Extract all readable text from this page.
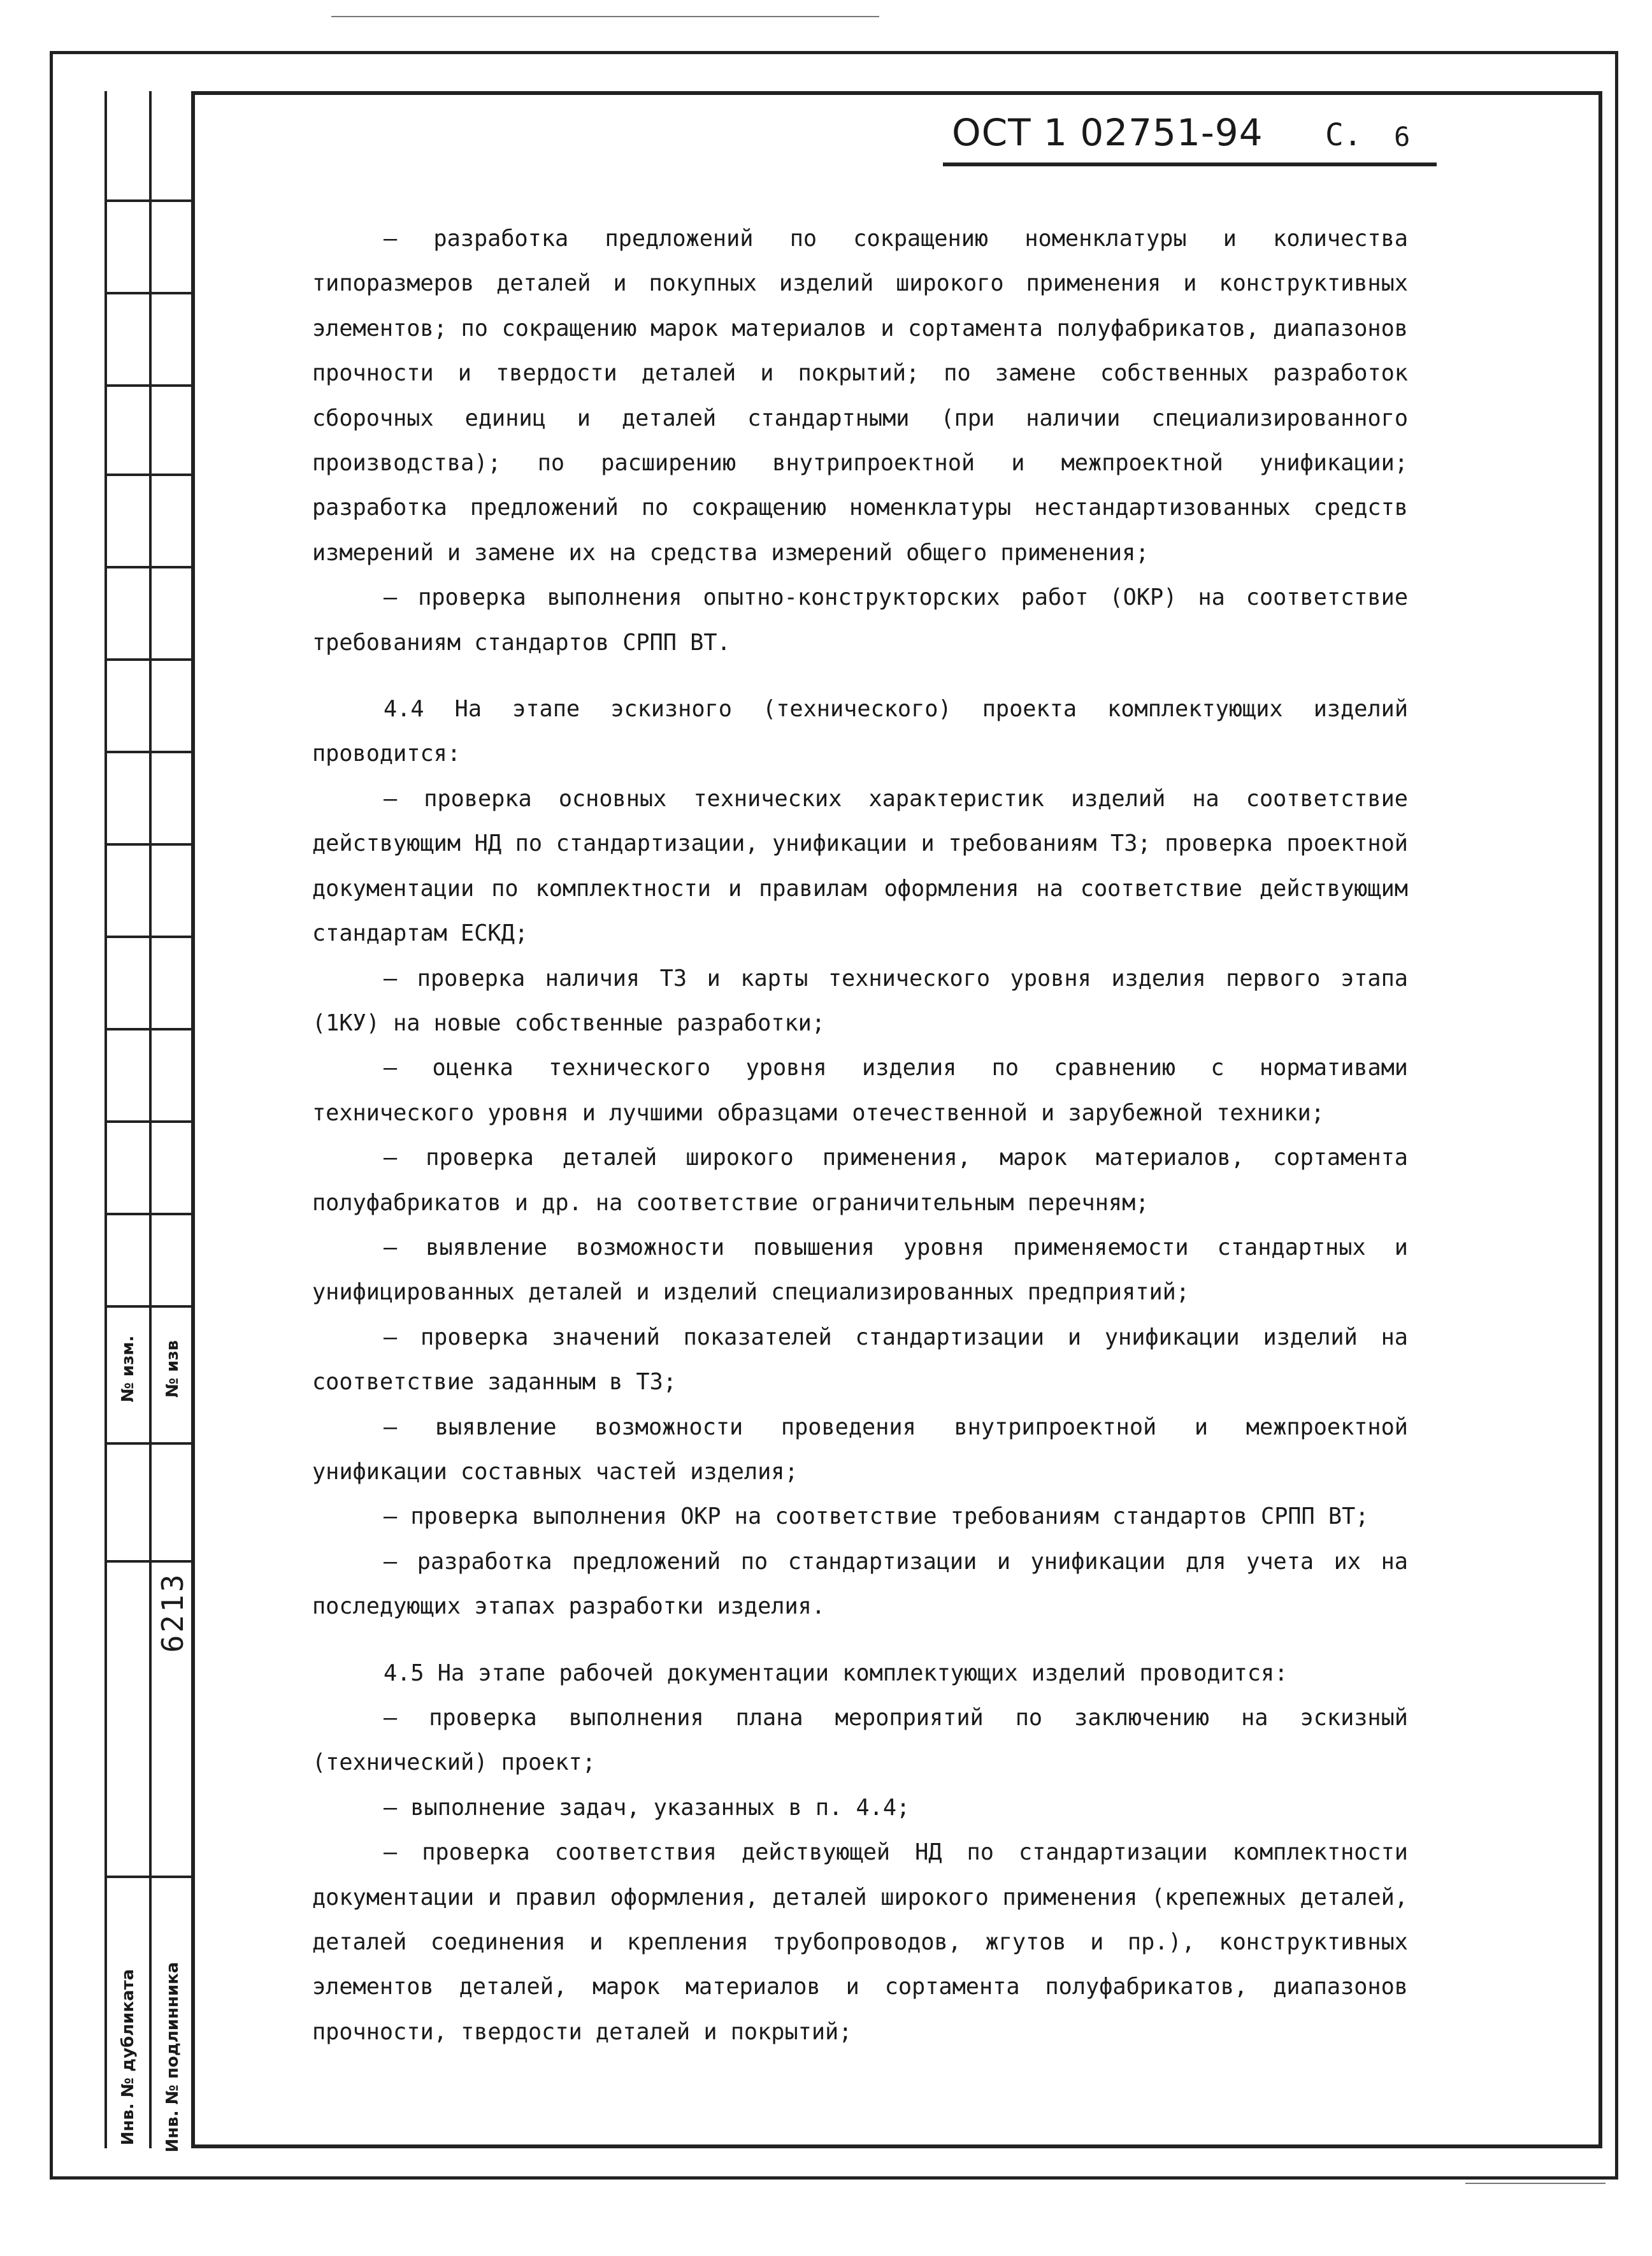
№ изм.
Инв. № дубликата
№ изв
6213
Инв. № подлинника
ОСТ 1 02751-94 С. 6

– разработка предложений по сокращению номенклатуры и количества типоразмеров деталей и покупных изделий широкого применения и конструктивных элементов; по сокращению марок материалов и сортамента полуфабрикатов, диапазонов прочности и твердости деталей и покрытий; по замене собственных разработок сборочных единиц и деталей стандартными (при наличии специализированного производства); по расширению внутрипроектной и межпроектной унификации; разработка предложений по сокращению номенклатуры нестандартизованных средств измерений и замене их на средства измерений общего применения;

– проверка выполнения опытно-конструкторских работ (ОКР) на соответствие требованиям стандартов СРПП ВТ.

4.4 На этапе эскизного (технического) проекта комплектующих изделий проводится:

– проверка основных технических характеристик изделий на соответствие действующим НД по стандартизации, унификации и требованиям ТЗ; проверка проектной документации по комплектности и правилам оформления на соответствие действующим стандартам ЕСКД;

– проверка наличия ТЗ и карты технического уровня изделия первого этапа (1КУ) на новые собственные разработки;

– оценка технического уровня изделия по сравнению с нормативами технического уровня и лучшими образцами отечественной и зарубежной техники;

– проверка деталей широкого применения, марок материалов, сортамента полуфабрикатов и др. на соответствие ограничительным перечням;

– выявление возможности повышения уровня применяемости стандартных и унифицированных деталей и изделий специализированных предприятий;

– проверка значений показателей стандартизации и унификации изделий на соответствие заданным в ТЗ;

– выявление возможности проведения внутрипроектной и межпроектной унификации составных частей изделия;

– проверка выполнения ОКР на соответствие требованиям стандартов СРПП ВТ;

– разработка предложений по стандартизации и унификации для учета их на последующих этапах разработки изделия.

4.5 На этапе рабочей документации комплектующих изделий проводится:

– проверка выполнения плана мероприятий по заключению на эскизный (технический) проект;

– выполнение задач, указанных в п. 4.4;

– проверка соответствия действующей НД по стандартизации комплектности документации и правил оформления, деталей широкого применения (крепежных деталей, деталей соединения и крепления трубопроводов, жгутов и пр.), конструктивных элементов деталей, марок материалов и сортамента полуфабрикатов, диапазонов прочности, твердости деталей и покрытий;
